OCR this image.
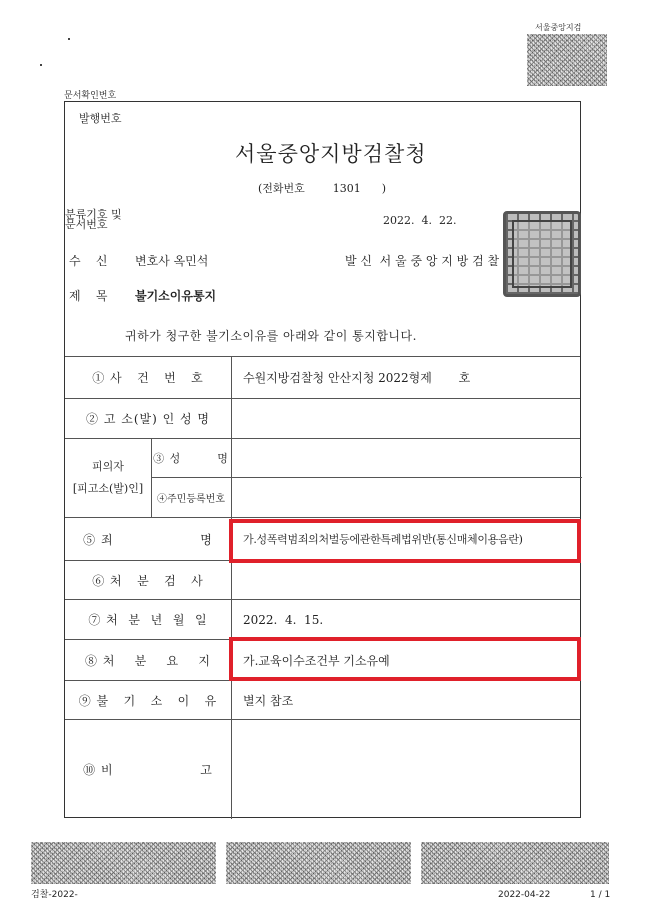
서울중앙지검
문서확인번호
발행번호
서울중앙지방검찰청
(전화번호        1301      )
분류기호 및
문서번호	2022.  4.  22.
수    신 변호사 옥민석	발 신  서 울 중 앙 지 방 검 찰
제    목 불기소이유통지
귀하가 청구한 불기소이유를 아래와 같이 통지합니다.
① 사   건   번   호	수원지방검찰청 안산지청 2022형제       호
② 고 소(발) 인 성 명
피의자
[피고소(발)인]
③ 성        명
④주민등록번호
⑤ 죄                  명	가.성폭력범죄의처벌등에관한특례법위반(통신매체이용음란)
⑥ 처   분   검   사
⑦ 처  분  년  월  일	2022.  4.  15.
⑧ 처    분    요    지	가.교육이수조건부 기소유예
⑨ 불   기   소   이   유	별지 참조
⑩ 비                  고
검찰-2022-	2022-04-22	1 / 1
